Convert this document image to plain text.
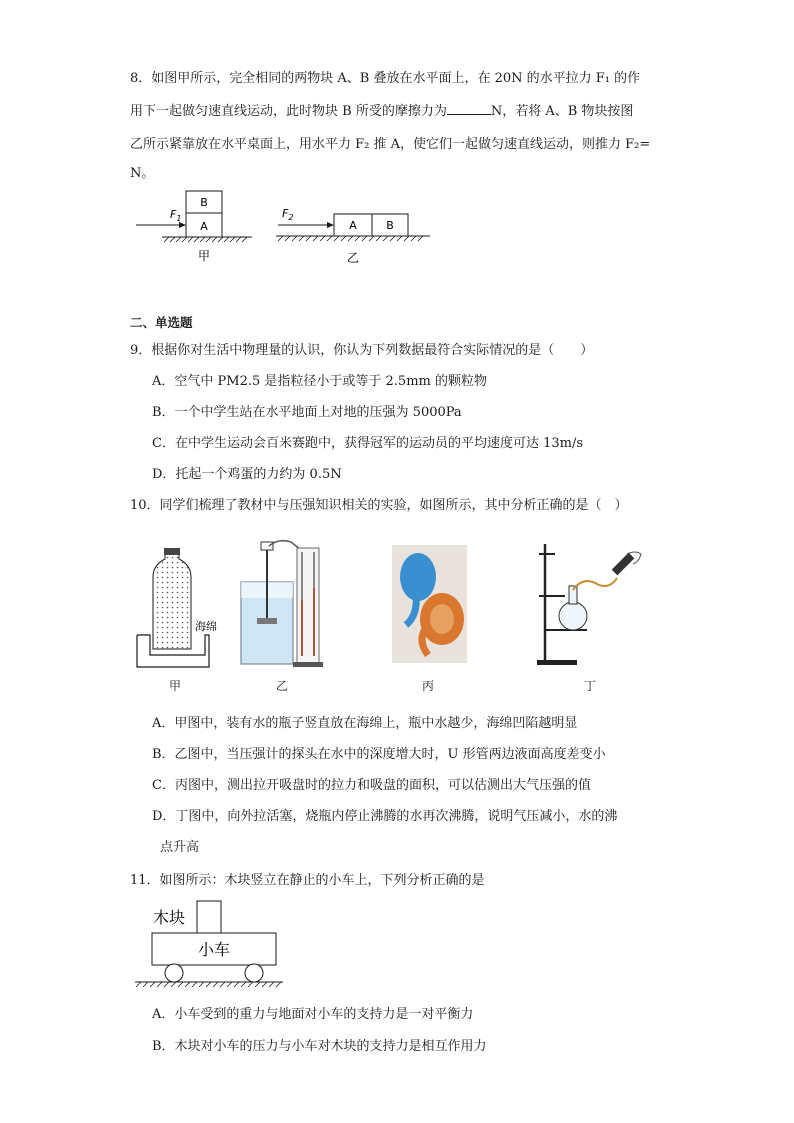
8．如图甲所示，完全相同的两物块 A、B 叠放在水平面上，在 20N 的水平拉力 F₁ 的作
用下一起做匀速直线运动，此时物块 B 所受的摩擦力为	N，若将 A、B 物块按图
乙所示紧靠放在水平桌面上，用水平力 F₂ 推 A，使它们一起做匀速直线运动，则推力 F₂=
N。
B
A
$F_1$
甲
A	B
$F_2$
乙
二、单选题
9．根据你对生活中物理量的认识，你认为下列数据最符合实际情况的是（　　）
A．空气中 PM2.5 是指粒径小于或等于 2.5mm 的颗粒物
B．一个中学生站在水平地面上对地的压强为 5000Pa
C．在中学生运动会百米赛跑中，获得冠军的运动员的平均速度可达 13m/s
D．托起一个鸡蛋的力约为 0.5N
10．同学们梳理了教材中与压强知识相关的实验，如图所示，其中分析正确的是（　）
海绵
甲	乙	丙	丁
A．甲图中，装有水的瓶子竖直放在海绵上，瓶中水越少，海绵凹陷越明显
B．乙图中，当压强计的探头在水中的深度增大时，U 形管两边液面高度差变小
C．丙图中，测出拉开吸盘时的拉力和吸盘的面积，可以估测出大气压强的值
D．丁图中，向外拉活塞，烧瓶内停止沸腾的水再次沸腾，说明气压减小，水的沸
点升高
11．如图所示：木块竖立在静止的小车上，下列分析正确的是
木块
小车
A．小车受到的重力与地面对小车的支持力是一对平衡力
B．木块对小车的压力与小车对木块的支持力是相互作用力
